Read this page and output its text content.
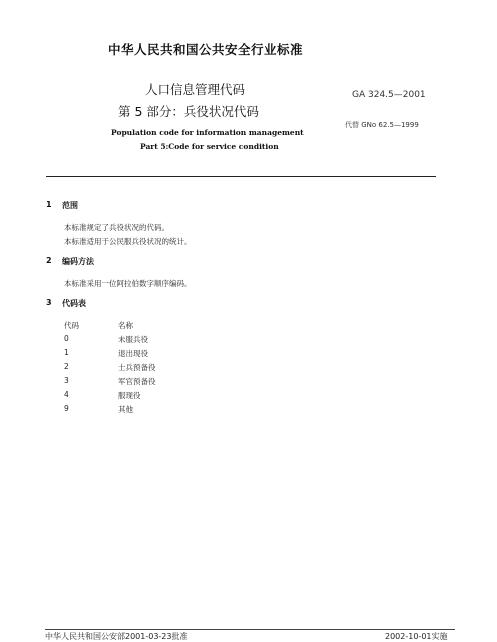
中华人民共和国公共安全行业标准
人口信息管理代码
第 5 部分：兵役状况代码
GA 324.5—2001
代替 GNo 62.5—1999
Population code for information management
Part 5:Code for service condition
1 范围
本标准规定了兵役状况的代码。
本标准适用于公民服兵役状况的统计。
2 编码方法
本标准采用一位阿拉伯数字顺序编码。
3 代码表
代码	名称
0	未服兵役
1	退出现役
2	士兵预备役
3	军官预备役
4	服现役
9	其他
中华人民共和国公安部2001-03-23批准	2002-10-01实施
